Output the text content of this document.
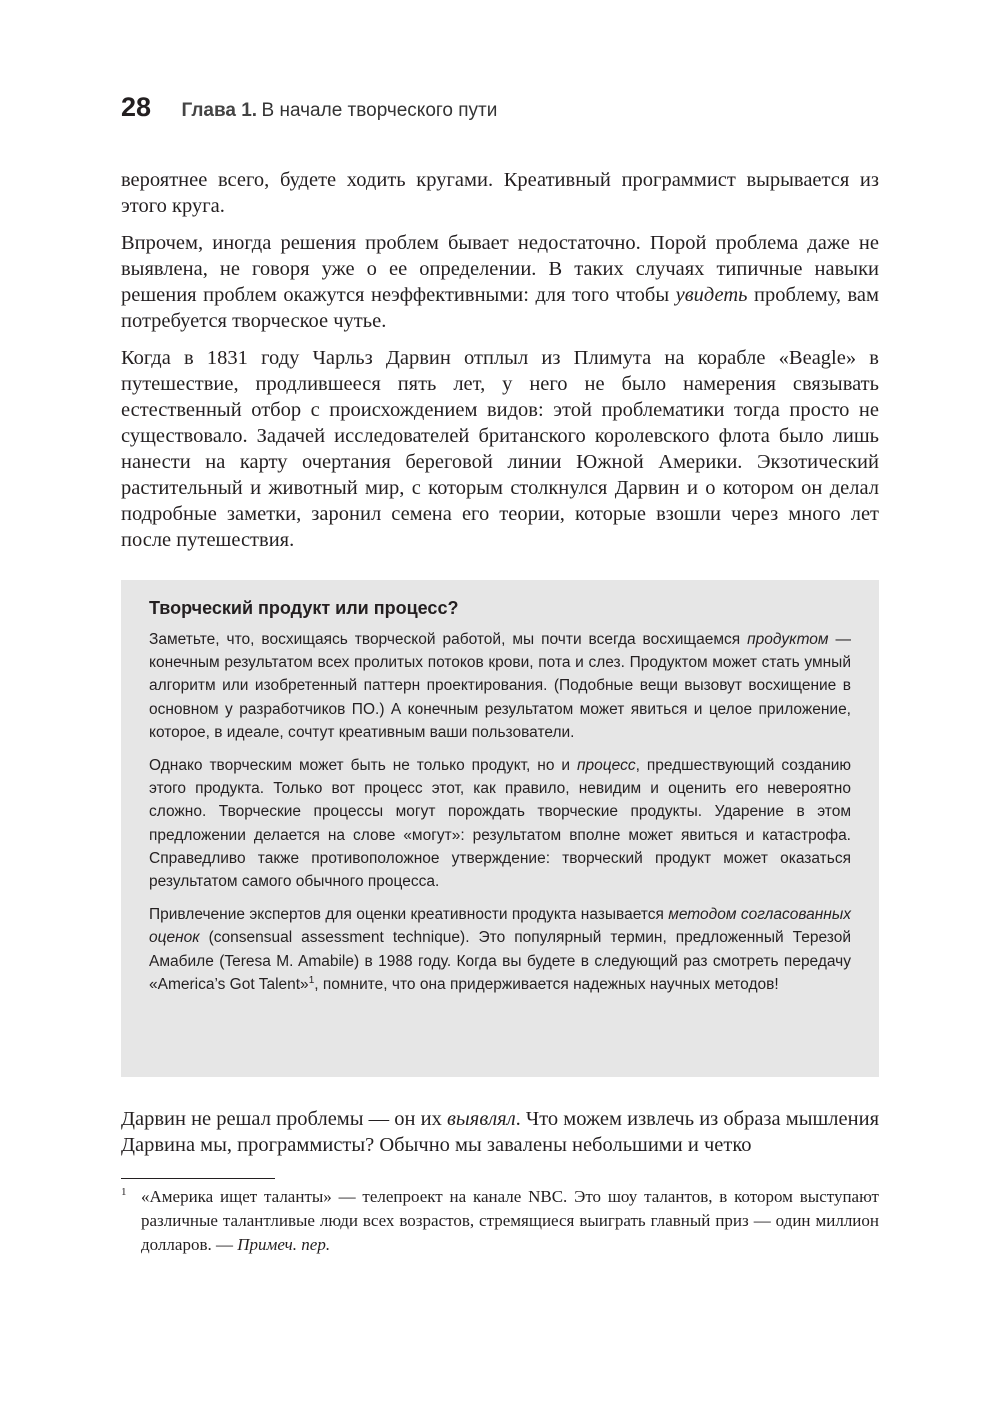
28 Глава 1. В начале творческого пути

вероятнее всего, будете ходить кругами. Креативный программист вырывается из этого круга.

Впрочем, иногда решения проблем бывает недостаточно. Порой проблема даже не выявлена, не говоря уже о ее определении. В таких случаях типичные навыки решения проблем окажутся неэффективными: для того чтобы увидеть проблему, вам потребуется творческое чутье.

Когда в 1831 году Чарльз Дарвин отплыл из Плимута на корабле «Beagle» в путешествие, продлившееся пять лет, у него не было намерения связывать естественный отбор с происхождением видов: этой проблематики тогда просто не существовало. Задачей исследователей британского королевского флота было лишь нанести на карту очертания береговой линии Южной Америки. Экзотический растительный и животный мир, с которым столкнулся Дарвин и о котором он делал подробные заметки, заронил семена его теории, которые взошли через много лет после путешествия.

Творческий продукт или процесс?

Заметьте, что, восхищаясь творческой работой, мы почти всегда восхищаемся продуктом — конечным результатом всех пролитых потоков крови, пота и слез. Продуктом может стать умный алгоритм или изобретенный паттерн проектирования. (Подобные вещи вызовут восхищение в основном у разработчиков ПО.) А конечным результатом может явиться и целое приложение, которое, в идеале, сочтут креативным ваши пользователи.

Однако творческим может быть не только продукт, но и процесс, предшествующий созданию этого продукта. Только вот процесс этот, как правило, невидим и оценить его невероятно сложно. Творческие процессы могут порождать творческие продукты. Ударение в этом предложении делается на слове «могут»: результатом вполне может явиться и катастрофа. Справедливо также противоположное утверждение: творческий продукт может оказаться результатом самого обычного процесса.

Привлечение экспертов для оценки креативности продукта называется методом согласованных оценок (consensual assessment technique). Это популярный термин, предложенный Терезой Амабиле (Teresa M. Amabile) в 1988 году. Когда вы будете в следующий раз смотреть передачу «America’s Got Talent»$^1$, помните, что она придерживается надежных научных методов!

Дарвин не решал проблемы — он их выявлял. Что можем извлечь из образа мышления Дарвина мы, программисты? Обычно мы завалены небольшими и четко

1 «Америка ищет таланты» — телепроект на канале NBC. Это шоу талантов, в котором выступают различные талантливые люди всех возрастов, стремящиеся выиграть главный приз — один миллион долларов. — Примеч. пер.
